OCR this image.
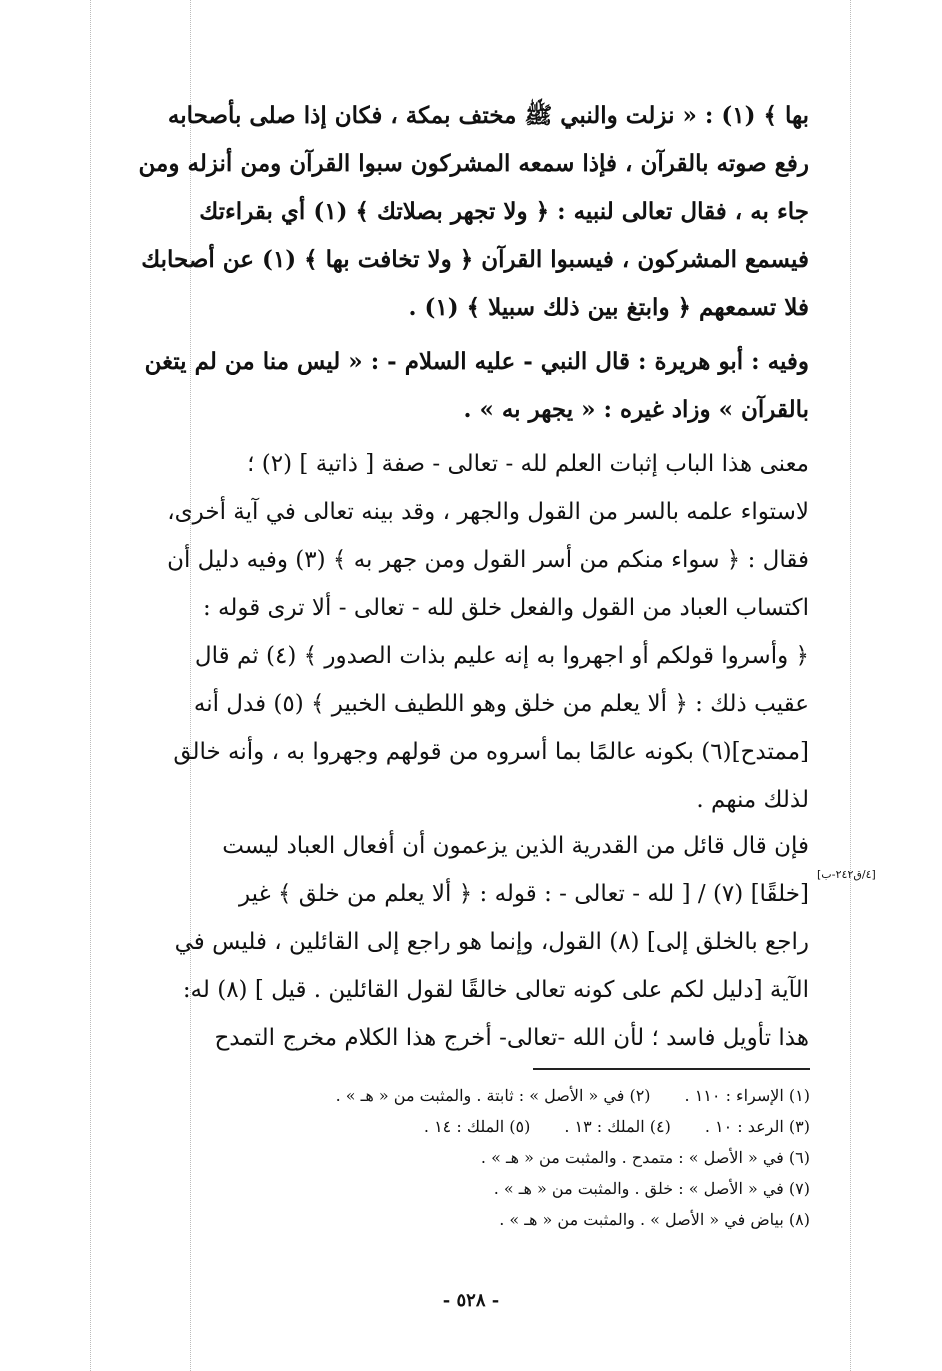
بها ﴾ (١) : « نزلت والنبي ﷺ مختف بمكة ، فكان إذا صلى بأصحابه
رفع صوته بالقرآن ، فإذا سمعه المشركون سبوا القرآن ومن أنزله ومن
جاء به ، فقال تعالى لنبيه : ﴿ ولا تجهر بصلاتك ﴾ (١) أي بقراءتك
فيسمع المشركون ، فيسبوا القرآن ﴿ ولا تخافت بها ﴾ (١) عن أصحابك
فلا تسمعهم ﴿ وابتغ بين ذلك سبيلا ﴾ (١) .
وفيه : أبو هريرة : قال النبي - عليه السلام - : « ليس منا من لم يتغن
بالقرآن » وزاد غيره : « يجهر به » .
معنى هذا الباب إثبات العلم لله - تعالى - صفة [ ذاتية ] (٢) ؛
لاستواء علمه بالسر من القول والجهر ، وقد بينه تعالى في آية أخرى،
فقال : ﴿ سواء منكم من أسر القول ومن جهر به ﴾ (٣) وفيه دليل أن
اكتساب العباد من القول والفعل خلق لله - تعالى - ألا ترى قوله :
﴿ وأسروا قولكم أو اجهروا به إنه عليم بذات الصدور ﴾ (٤) ثم قال
عقيب ذلك : ﴿ ألا يعلم من خلق وهو اللطيف الخبير ﴾ (٥) فدل أنه
[ممتدح](٦) بكونه عالمًا بما أسروه من قولهم وجهروا به ، وأنه خالق
لذلك منهم .
فإن قال قائل من القدرية الذين يزعمون أن أفعال العباد ليست
[خلقًا] (٧) / [ لله - تعالى - : قوله : ﴿ ألا يعلم من خلق ﴾ غير
راجع بالخلق إلى] (٨) القول، وإنما هو راجع إلى القائلين ، فليس في
الآية [دليل لكم على كونه تعالى خالقًا لقول القائلين . قيل ] (٨) له:
هذا تأويل فاسد ؛ لأن الله -تعالى- أخرج هذا الكلام مخرج التمدح
[٤/ق٢٤٢-ب]
(١) الإسراء : ١١٠ .(٢) في « الأصل » : ثابتة . والمثبت من « هـ » .
(٣) الرعد : ١٠ .(٤) الملك : ١٣ .(٥) الملك : ١٤ .
(٦) في « الأصل » : متمدح . والمثبت من « هـ » .
(٧) في « الأصل » : خلق . والمثبت من « هـ » .
(٨) بياض في « الأصل » . والمثبت من « هـ » .
- ٥٢٨ -
